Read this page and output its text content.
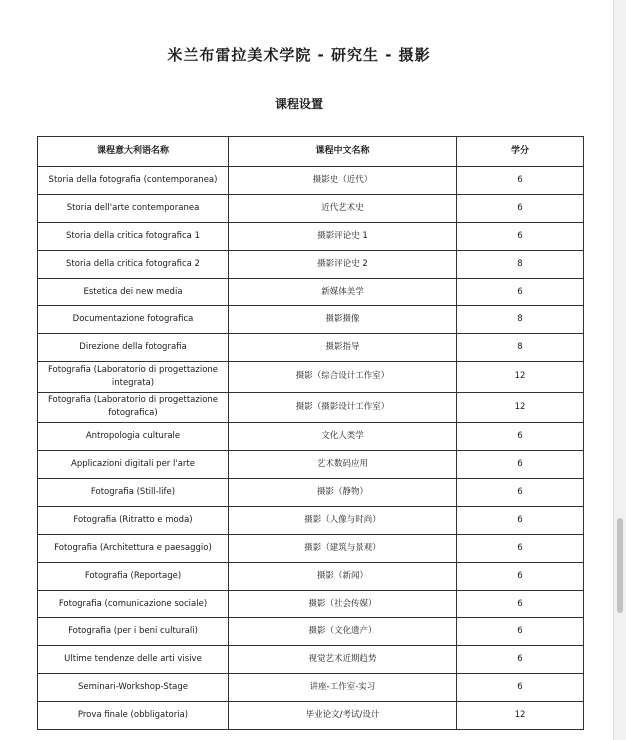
米兰布雷拉美术学院 - 研究生 - 摄影
课程设置
课程意大利语名称	课程中文名称	学分
Storia della fotografia (contemporanea)	摄影史（近代）	6
Storia dell'arte contemporanea	近代艺术史	6
Storia della critica fotografica 1	摄影评论史 1	6
Storia della critica fotografica 2	摄影评论史 2	8
Estetica dei new media	新媒体美学	6
Documentazione fotografica	摄影摄像	8
Direzione della fotografia	摄影指导	8
Fotografia (Laboratorio di progettazione integrata)	摄影（综合设计工作室）	12
Fotografia (Laboratorio di progettazione fotografica)	摄影（摄影设计工作室）	12
Antropologia culturale	文化人类学	6
Applicazioni digitali per l'arte	艺术数码应用	6
Fotografia (Still-life)	摄影（静物）	6
Fotografia (Ritratto e moda)	摄影（人像与时尚）	6
Fotografia (Architettura e paesaggio)	摄影（建筑与景观）	6
Fotografia (Reportage)	摄影（新闻）	6
Fotografia (comunicazione sociale)	摄影（社会传媒）	6
Fotografia (per i beni culturali)	摄影（文化遗产）	6
Ultime tendenze delle arti visive	视觉艺术近期趋势	6
Seminari-Workshop-Stage	讲座-工作室-实习	6
Prova finale (obbligatoria)	毕业论文/考试/设计	12
